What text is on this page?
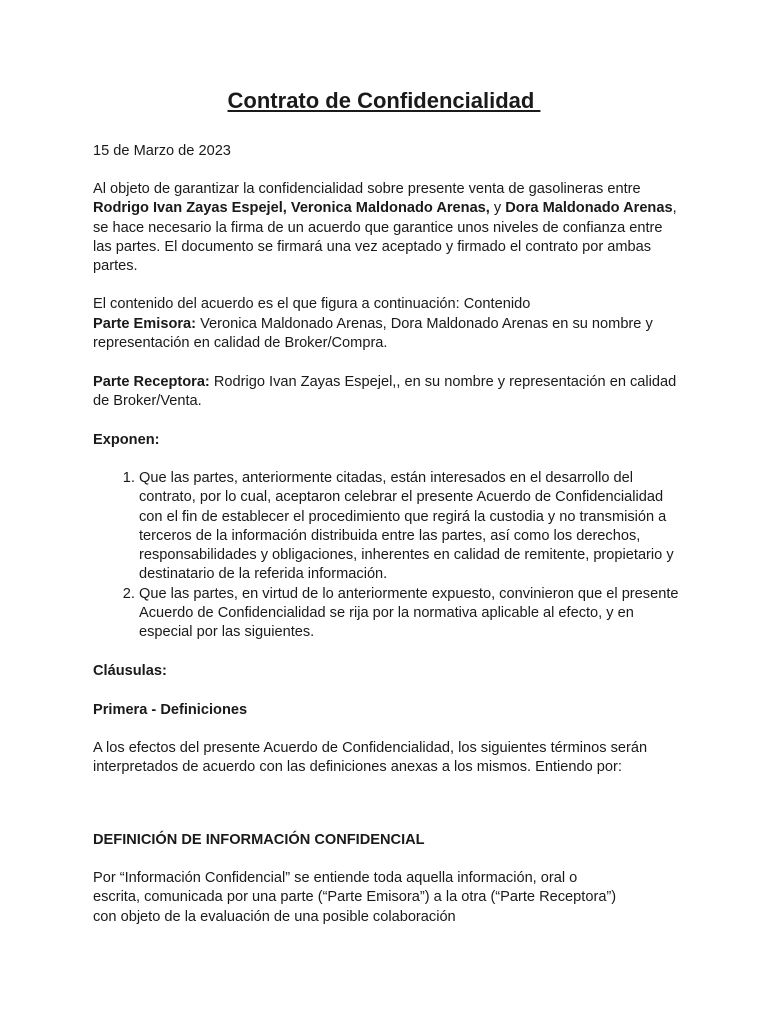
Contrato de Confidencialidad
15 de Marzo de 2023
Al objeto de garantizar la confidencialidad sobre presente venta de gasolineras entre Rodrigo Ivan Zayas Espejel, Veronica Maldonado Arenas, y Dora Maldonado Arenas, se hace necesario la firma de un acuerdo que garantice unos niveles de confianza entre las partes. El documento se firmará una vez aceptado y firmado el contrato por ambas partes.
El contenido del acuerdo es el que figura a continuación: Contenido
Parte Emisora: Veronica Maldonado Arenas, Dora Maldonado Arenas en su nombre y representación en calidad de Broker/Compra.
Parte Receptora: Rodrigo Ivan Zayas Espejel,, en su nombre y representación en calidad de Broker/Venta.
Exponen:
1. Que las partes, anteriormente citadas, están interesados en el desarrollo del contrato, por lo cual, aceptaron celebrar el presente Acuerdo de Confidencialidad con el fin de establecer el procedimiento que regirá la custodia y no transmisión a terceros de la información distribuida entre las partes, así como los derechos, responsabilidades y obligaciones, inherentes en calidad de remitente, propietario y destinatario de la referida información.
2. Que las partes, en virtud de lo anteriormente expuesto, convinieron que el presente Acuerdo de Confidencialidad se rija por la normativa aplicable al efecto, y en especial por las siguientes.
Cláusulas:
Primera - Definiciones
A los efectos del presente Acuerdo de Confidencialidad, los siguientes términos serán interpretados de acuerdo con las definiciones anexas a los mismos. Entiendo por:
DEFINICIÓN DE INFORMACIÓN CONFIDENCIAL
Por “Información Confidencial” se entiende toda aquella información, oral o escrita, comunicada por una parte (“Parte Emisora”) a la otra (“Parte Receptora”) con objeto de la evaluación de una posible colaboración
